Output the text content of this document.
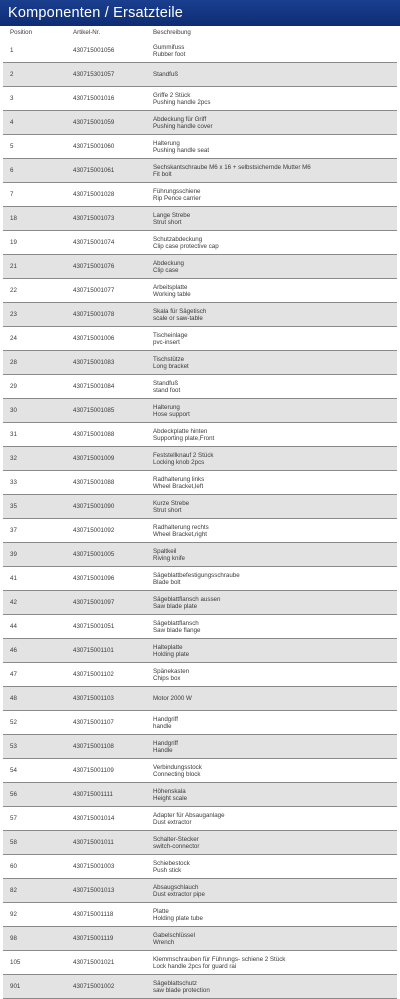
Komponenten / Ersatzteile
Position	Artikel-Nr.	Beschreibung
1	430715001056	Gummifuss
Rubber foot

2	430715301057	Standfuß

3	430715001016	Griffe 2 Stück
Pushing handle 2pcs

4	430715001059	Abdeckung für Griff
Pushing handle cover

5	430715001060	Halterung
Pushing handle seat

6	430715001061	Sechskantschraube M6 x 16 + selbstsichernde Mutter M6
Fit bolt

7	430715001028	Führungsschiene
Rip Pence carrier

18	430715001073	Lange Strebe
Strut short

19	430715001074	Schutzabdeckung
Clip case protective cap

21	430715001076	Abdeckung
Clip case

22	430715001077	Arbeitsplatte
Working table

23	430715001078	Skala für Sägetisch
scale or saw-table

24	430715001006	Tischeinlage
pvc-insert

28	430715001083	Tischstütze
Long bracket

29	430715001084	Standfuß
stand foot

30	430715001085	Halterung
Hose support

31	430715001088	Abdeckplatte hinten
Supporting plate,Front

32	430715001009	Feststellknauf 2 Stück
Locking knob 2pcs

33	430715001088	Radhalterung links
Wheel Bracket,left

35	430715001090	Kurze Strebe
Strut short

37	430715001092	Radhalterung rechts
Wheel Bracket,right

39	430715001005	Spaltkeil
Riving knife

41	430715001096	Sägeblattbefestigungsschraube
Blade bolt

42	430715001097	Sägeblattflansch aussen
Saw blade plate

44	430715001051	Sägeblattflansch
Saw blade flange

46	430715001101	Halteplatte
Holding plate

47	430715001102	Spänekasten
Chips box

48	430715001103	Motor 2000 W

52	430715001107	Handgriff
handle

53	430715001108	Handgriff
Handle

54	430715001109	Verbindungsstock
Connecting block

56	430715001111	Höhenskala
Height scale

57	430715001014	Adapter für Absauganlage
Dust extractor

58	430715001011	Schalter-Stecker
switch-connector

60	430715001003	Schiebestock
Push stick

82	430715001013	Absaugschlauch
Dust extractor pipe

92	430715001118	Platte
Holding plate tube

98	430715001119	Gabelschlüssel
Wrench

105	430715001021	Klemmschrauben für Führungs- schiene 2 Stück
Lock handle 2pcs for guard rai

901	430715001002	Sägeblattschutz
saw blade protection
